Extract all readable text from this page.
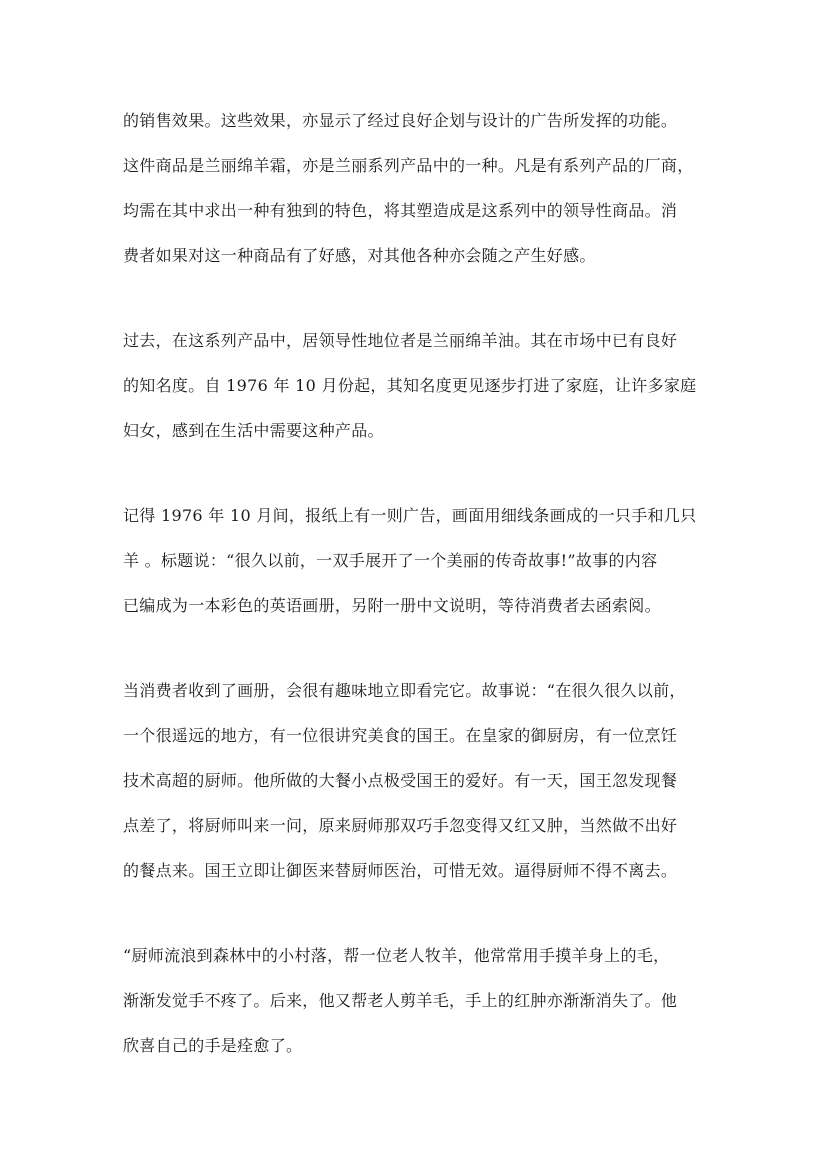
的销售效果。这些效果，亦显示了经过良好企划与设计的广告所发挥的功能。

这件商品是兰丽绵羊霜，亦是兰丽系列产品中的一种。凡是有系列产品的厂商，

均需在其中求出一种有独到的特色，将其塑造成是这系列中的领导性商品。消

费者如果对这一种商品有了好感，对其他各种亦会随之产生好感。

过去，在这系列产品中，居领导性地位者是兰丽绵羊油。其在市场中已有良好

的知名度。自 1976 年 10 月份起，其知名度更见逐步打进了家庭，让许多家庭

妇女，感到在生活中需要这种产品。

记得 1976 年 10 月间，报纸上有一则广告，画面用细线条画成的一只手和几只

羊 。标题说：“很久以前，一双手展开了一个美丽的传奇故事!”故事的内容

已编成为一本彩色的英语画册，另附一册中文说明，等待消费者去函索阅。

当消费者收到了画册，会很有趣味地立即看完它。故事说：“在很久很久以前，

一个很遥远的地方，有一位很讲究美食的国王。在皇家的御厨房，有一位烹饪

技术高超的厨师。他所做的大餐小点极受国王的爱好。有一天，国王忽发现餐

点差了，将厨师叫来一问，原来厨师那双巧手忽变得又红又肿，当然做不出好

的餐点来。国王立即让御医来替厨师医治，可惜无效。逼得厨师不得不离去。

“厨师流浪到森林中的小村落，帮一位老人牧羊，他常常用手摸羊身上的毛，

渐渐发觉手不疼了。后来，他又帮老人剪羊毛，手上的红肿亦渐渐消失了。他

欣喜自己的手是痊愈了。
